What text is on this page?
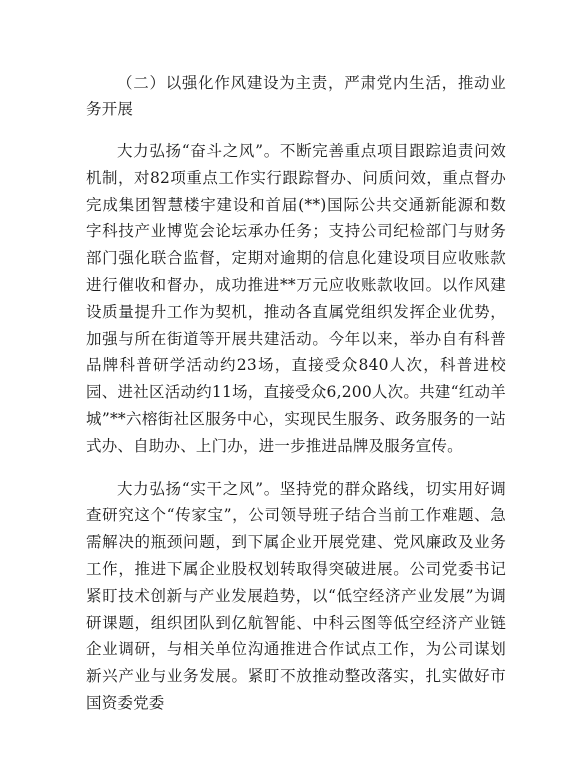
（二）以强化作风建设为主责，严肃党内生活，推动业务开展

大力弘扬“奋斗之风”。不断完善重点项目跟踪追责问效机制，对82项重点工作实行跟踪督办、问质问效，重点督办完成集团智慧楼宇建设和首届(**)国际公共交通新能源和数字科技产业博览会论坛承办任务；支持公司纪检部门与财务部门强化联合监督，定期对逾期的信息化建设项目应收账款进行催收和督办，成功推进**万元应收账款收回。以作风建设质量提升工作为契机，推动各直属党组织发挥企业优势，加强与所在街道等开展共建活动。今年以来，举办自有科普品牌科普研学活动约23场，直接受众840人次，科普进校园、进社区活动约11场，直接受众6,200人次。共建“红动羊城”**六榕街社区服务中心，实现民生服务、政务服务的一站式办、自助办、上门办，进一步推进品牌及服务宣传。

大力弘扬“实干之风”。坚持党的群众路线，切实用好调查研究这个“传家宝”，公司领导班子结合当前工作难题、急需解决的瓶颈问题，到下属企业开展党建、党风廉政及业务工作，推进下属企业股权划转取得突破进展。公司党委书记紧盯技术创新与产业发展趋势，以“低空经济产业发展”为调研课题，组织团队到亿航智能、中科云图等低空经济产业链企业调研，与相关单位沟通推进合作试点工作，为公司谋划新兴产业与业务发展。紧盯不放推动整改落实，扎实做好市国资委党委
